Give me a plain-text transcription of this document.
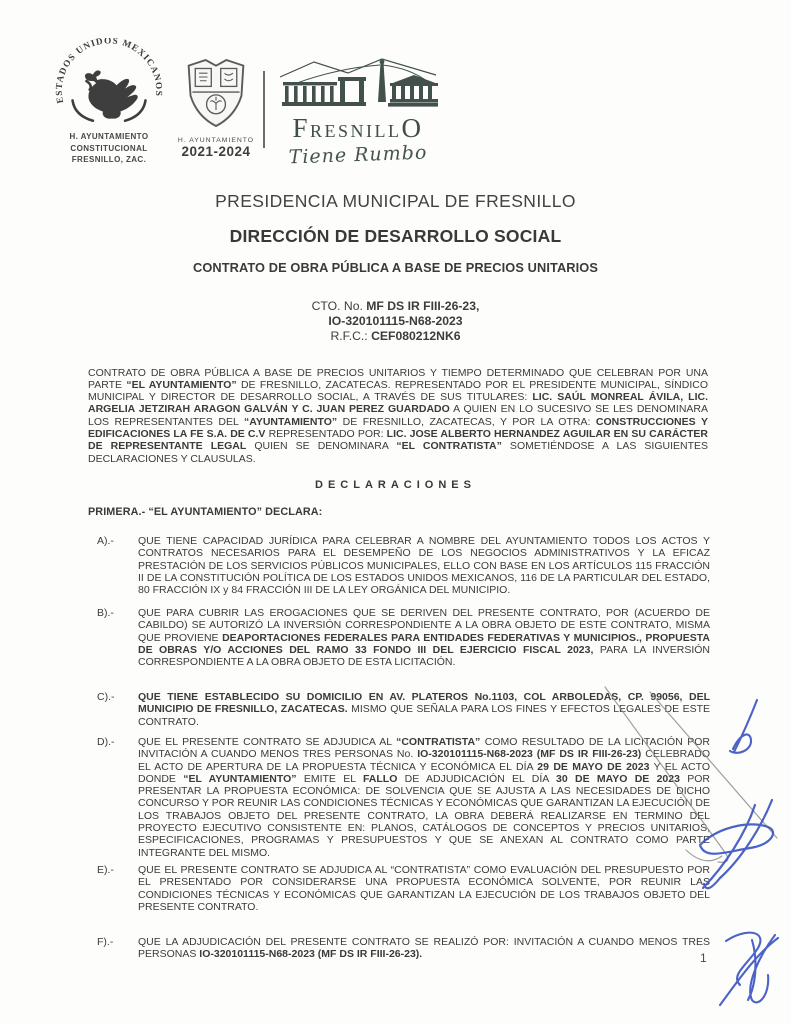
ESTADOS UNIDOS MEXICANOS
H. AYUNTAMIENTO
CONSTITUCIONAL
FRESNILLO, ZAC.
H. AYUNTAMIENTO
2021-2024
FRESNILLO
Tiene Rumbo
PRESIDENCIA MUNICIPAL DE FRESNILLO
DIRECCIÓN DE DESARROLLO SOCIAL
CONTRATO DE OBRA PÚBLICA A BASE DE PRECIOS UNITARIOS
CTO. No. MF DS IR FIII-26-23,
IO-320101115-N68-2023
R.F.C.: CEF080212NK6

CONTRATO DE OBRA PÚBLICA A BASE DE PRECIOS UNITARIOS Y TIEMPO DETERMINADO QUE CELEBRAN POR UNA PARTE “EL AYUNTAMIENTO” DE FRESNILLO, ZACATECAS. REPRESENTADO POR EL PRESIDENTE MUNICIPAL, SÍNDICO MUNICIPAL Y DIRECTOR DE DESARROLLO SOCIAL, A TRAVÉS DE SUS TITULARES: LIC. SAÚL MONREAL ÁVILA, LIC. ARGELIA JETZIRAH ARAGON GALVÁN Y C. JUAN PEREZ GUARDADO A QUIEN EN LO SUCESIVO SE LES DENOMINARA LOS REPRESENTANTES DEL “AYUNTAMIENTO” DE FRESNILLO, ZACATECAS, Y POR LA OTRA: CONSTRUCCIONES Y EDIFICACIONES LA FE S.A. DE C.V REPRESENTADO POR: LIC. JOSE ALBERTO HERNANDEZ AGUILAR EN SU CARÁCTER DE REPRESENTANTE LEGAL QUIEN SE DENOMINARA “EL CONTRATISTA” SOMETIÉNDOSE A LAS SIGUIENTES DECLARACIONES Y CLAUSULAS.

DECLARACIONES
PRIMERA.- “EL AYUNTAMIENTO” DECLARA:
A).- QUE TIENE CAPACIDAD JURÍDICA PARA CELEBRAR A NOMBRE DEL AYUNTAMIENTO TODOS LOS ACTOS Y CONTRATOS NECESARIOS PARA EL DESEMPEÑO DE LOS NEGOCIOS ADMINISTRATIVOS Y LA EFICAZ PRESTACIÓN DE LOS SERVICIOS PÚBLICOS MUNICIPALES, ELLO CON BASE EN LOS ARTÍCULOS 115 FRACCIÓN II DE LA CONSTITUCIÓN POLÍTICA DE LOS ESTADOS UNIDOS MEXICANOS, 116 DE LA PARTICULAR DEL ESTADO, 80 FRACCIÓN IX y 84 FRACCIÓN III DE LA LEY ORGÁNICA DEL MUNICIPIO.
B).- QUE PARA CUBRIR LAS EROGACIONES QUE SE DERIVEN DEL PRESENTE CONTRATO, POR (ACUERDO DE CABILDO) SE AUTORIZÓ LA INVERSIÓN CORRESPONDIENTE A LA OBRA OBJETO DE ESTE CONTRATO, MISMA QUE PROVIENE DEAPORTACIONES FEDERALES PARA ENTIDADES FEDERATIVAS Y MUNICIPIOS., PROPUESTA DE OBRAS Y/O ACCIONES DEL RAMO 33 FONDO III DEL EJERCICIO FISCAL 2023, PARA LA INVERSIÓN CORRESPONDIENTE A LA OBRA OBJETO DE ESTA LICITACIÓN.
C).- QUE TIENE ESTABLECIDO SU DOMICILIO EN AV. PLATEROS No.1103, COL ARBOLEDAS, CP. 99056, DEL MUNICIPIO DE FRESNILLO, ZACATECAS. MISMO QUE SEÑALA PARA LOS FINES Y EFECTOS LEGALES DE ESTE CONTRATO.
D).- QUE EL PRESENTE CONTRATO SE ADJUDICA AL “CONTRATISTA” COMO RESULTADO DE LA LICITACIÓN POR INVITACIÓN A CUANDO MENOS TRES PERSONAS No. IO-320101115-N68-2023 (MF DS IR FIII-26-23) CELEBRADO EL ACTO DE APERTURA DE LA PROPUESTA TÉCNICA Y ECONÓMICA EL DÍA 29 DE MAYO DE 2023 Y EL ACTO DONDE “EL AYUNTAMIENTO” EMITE EL FALLO DE ADJUDICACIÓN EL DÍA 30 DE MAYO DE 2023 POR PRESENTAR LA PROPUESTA ECONÓMICA: DE SOLVENCIA QUE SE AJUSTA A LAS NECESIDADES DE DICHO CONCURSO Y POR REUNIR LAS CONDICIONES TÉCNICAS Y ECONÓMICAS QUE GARANTIZAN LA EJECUCIÓN DE LOS TRABAJOS OBJETO DEL PRESENTE CONTRATO, LA OBRA DEBERÁ REALIZARSE EN TERMINO DEL PROYECTO EJECUTIVO CONSISTENTE EN: PLANOS, CATÁLOGOS DE CONCEPTOS Y PRECIOS UNITARIOS, ESPECIFICACIONES, PROGRAMAS Y PRESUPUESTOS Y QUE SE ANEXAN AL CONTRATO COMO PARTE INTEGRANTE DEL MISMO.
E).- QUE EL PRESENTE CONTRATO SE ADJUDICA AL “CONTRATISTA” COMO EVALUACIÓN DEL PRESUPUESTO POR EL PRESENTADO POR CONSIDERARSE UNA PROPUESTA ECONÓMICA SOLVENTE, POR REUNIR LAS CONDICIONES TÉCNICAS Y ECONÓMICAS QUE GARANTIZAN LA EJECUCIÓN DE LOS TRABAJOS OBJETO DEL PRESENTE CONTRATO.
F).- QUE LA ADJUDICACIÓN DEL PRESENTE CONTRATO SE REALIZÓ POR: INVITACIÓN A CUANDO MENOS TRES PERSONAS IO-320101115-N68-2023 (MF DS IR FIII-26-23).	1
